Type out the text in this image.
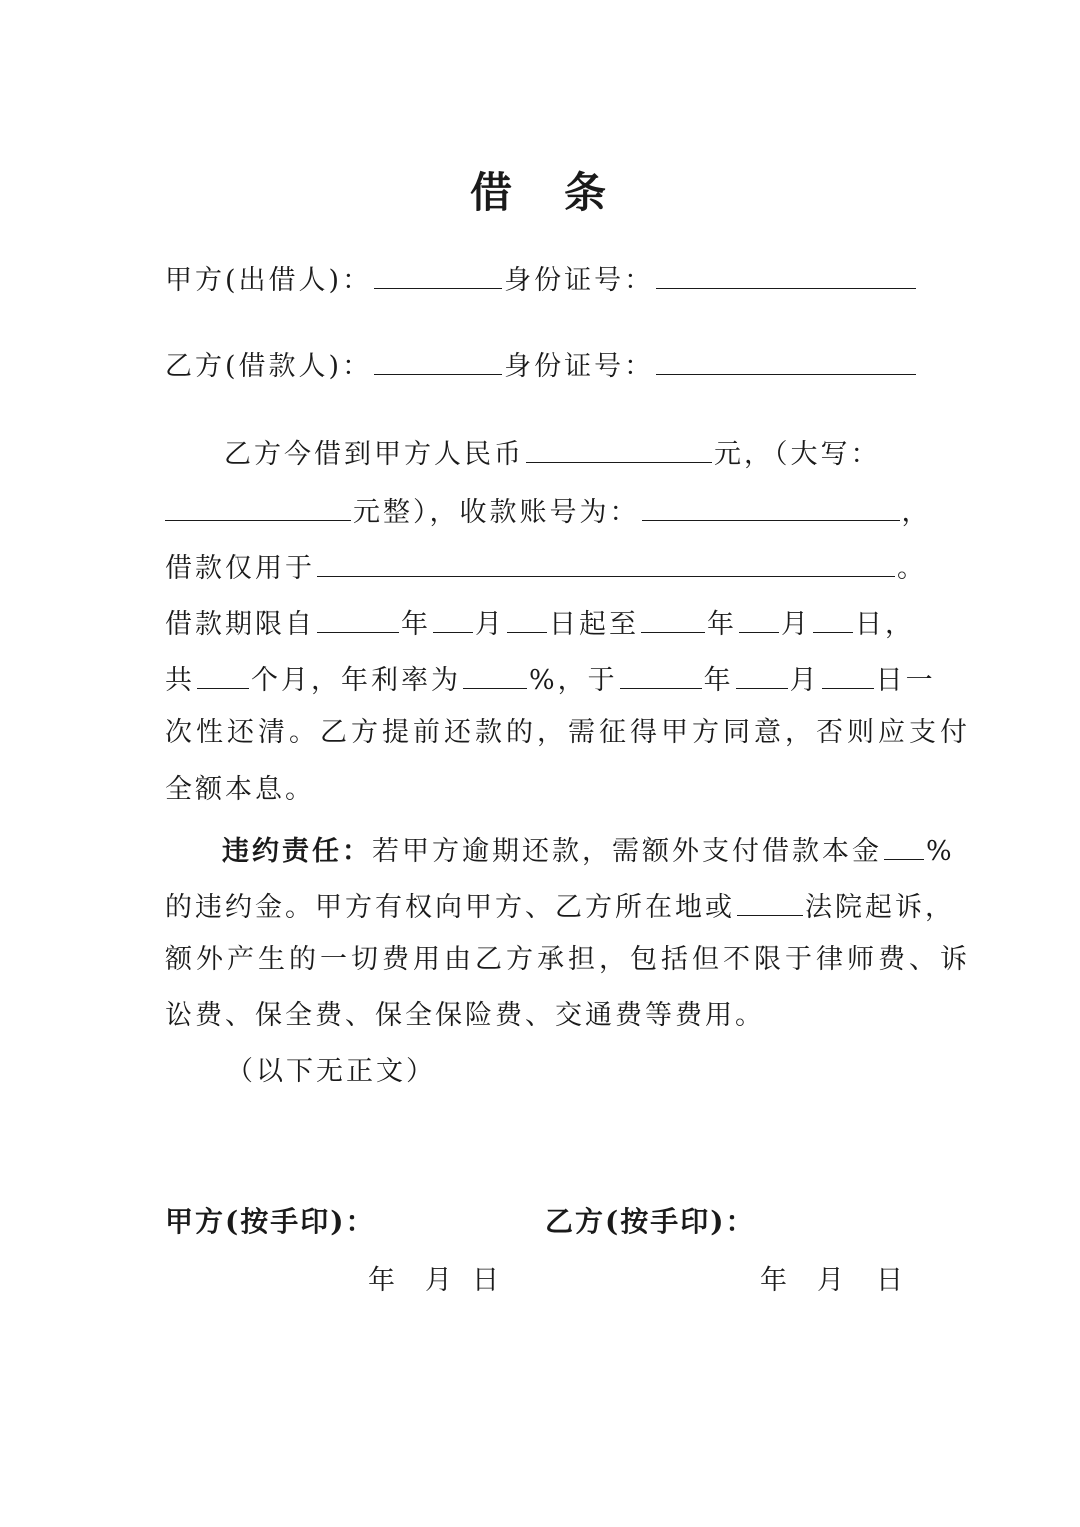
借 条
甲方(出借人)：	身份证号：
乙方(借款人)：	身份证号：
乙方今借到甲方人民币	元，（大写：
元整），收款账号为：	，
借款仅用于	。
借款期限自	年 月 日起至	年 月 日，
共 个月，年利率为	%，于	年 月 日一
次性还清。乙方提前还款的，需征得甲方同意，否则应支付
全额本息。
违约责任：若甲方逾期还款，需额外支付借款本金 %
的违约金。甲方有权向甲方、乙方所在地或	法院起诉，
额外产生的一切费用由乙方承担，包括但不限于律师费、诉
讼费、保全费、保全保险费、交通费等费用。
（以下无正文）
甲方(按手印)：	乙方(按手印)：
年 月 日	年 月 日
